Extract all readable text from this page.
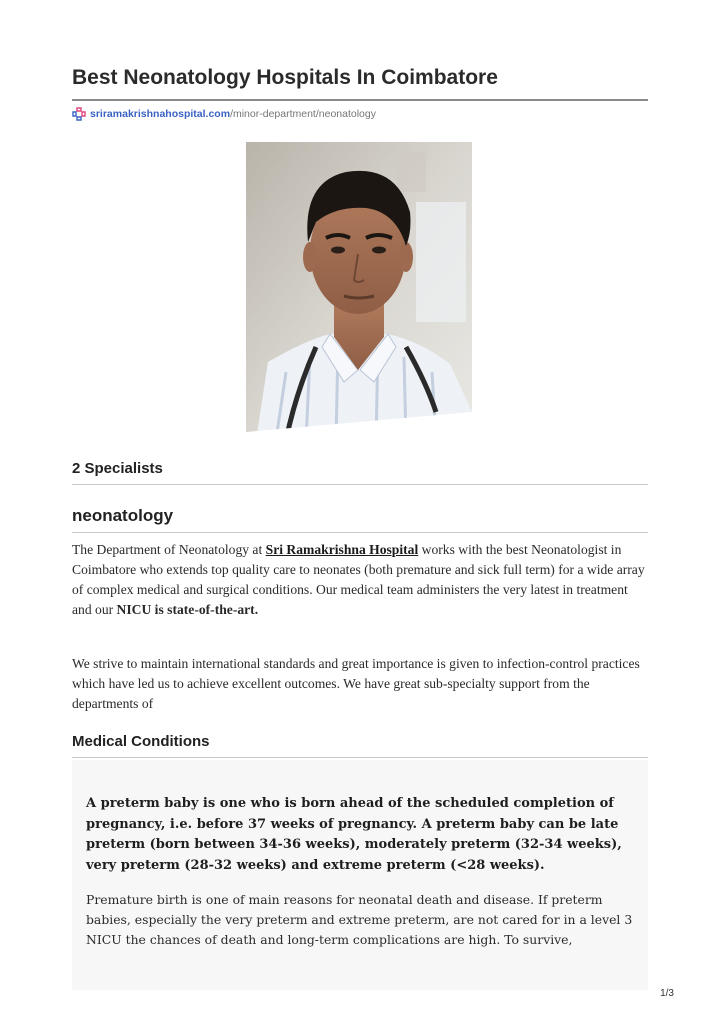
Best Neonatology Hospitals In Coimbatore
sriramakrishnahospital.com /minor-department/neonatology
2 Specialists
neonatology

The Department of Neonatology at Sri Ramakrishna Hospital works with the best Neonatologist in Coimbatore who extends top quality care to neonates (both premature and sick full term) for a wide array of complex medical and surgical conditions. Our medical team administers the very latest in treatment and our NICU is state-of-the-art.

We strive to maintain international standards and great importance is given to infection-control practices which have led us to achieve excellent outcomes. We have great sub-specialty support from the departments of

Medical Conditions

A preterm baby is one who is born ahead of the scheduled completion of pregnancy, i.e. before 37 weeks of pregnancy. A preterm baby can be late preterm (born between 34-36 weeks), moderately preterm (32-34 weeks), very preterm (28-32 weeks) and extreme preterm (<28 weeks).

Premature birth is one of main reasons for neonatal death and disease. If preterm babies, especially the very preterm and extreme preterm, are not cared for in a level 3 NICU the chances of death and long-term complications are high. To survive,

1/3
